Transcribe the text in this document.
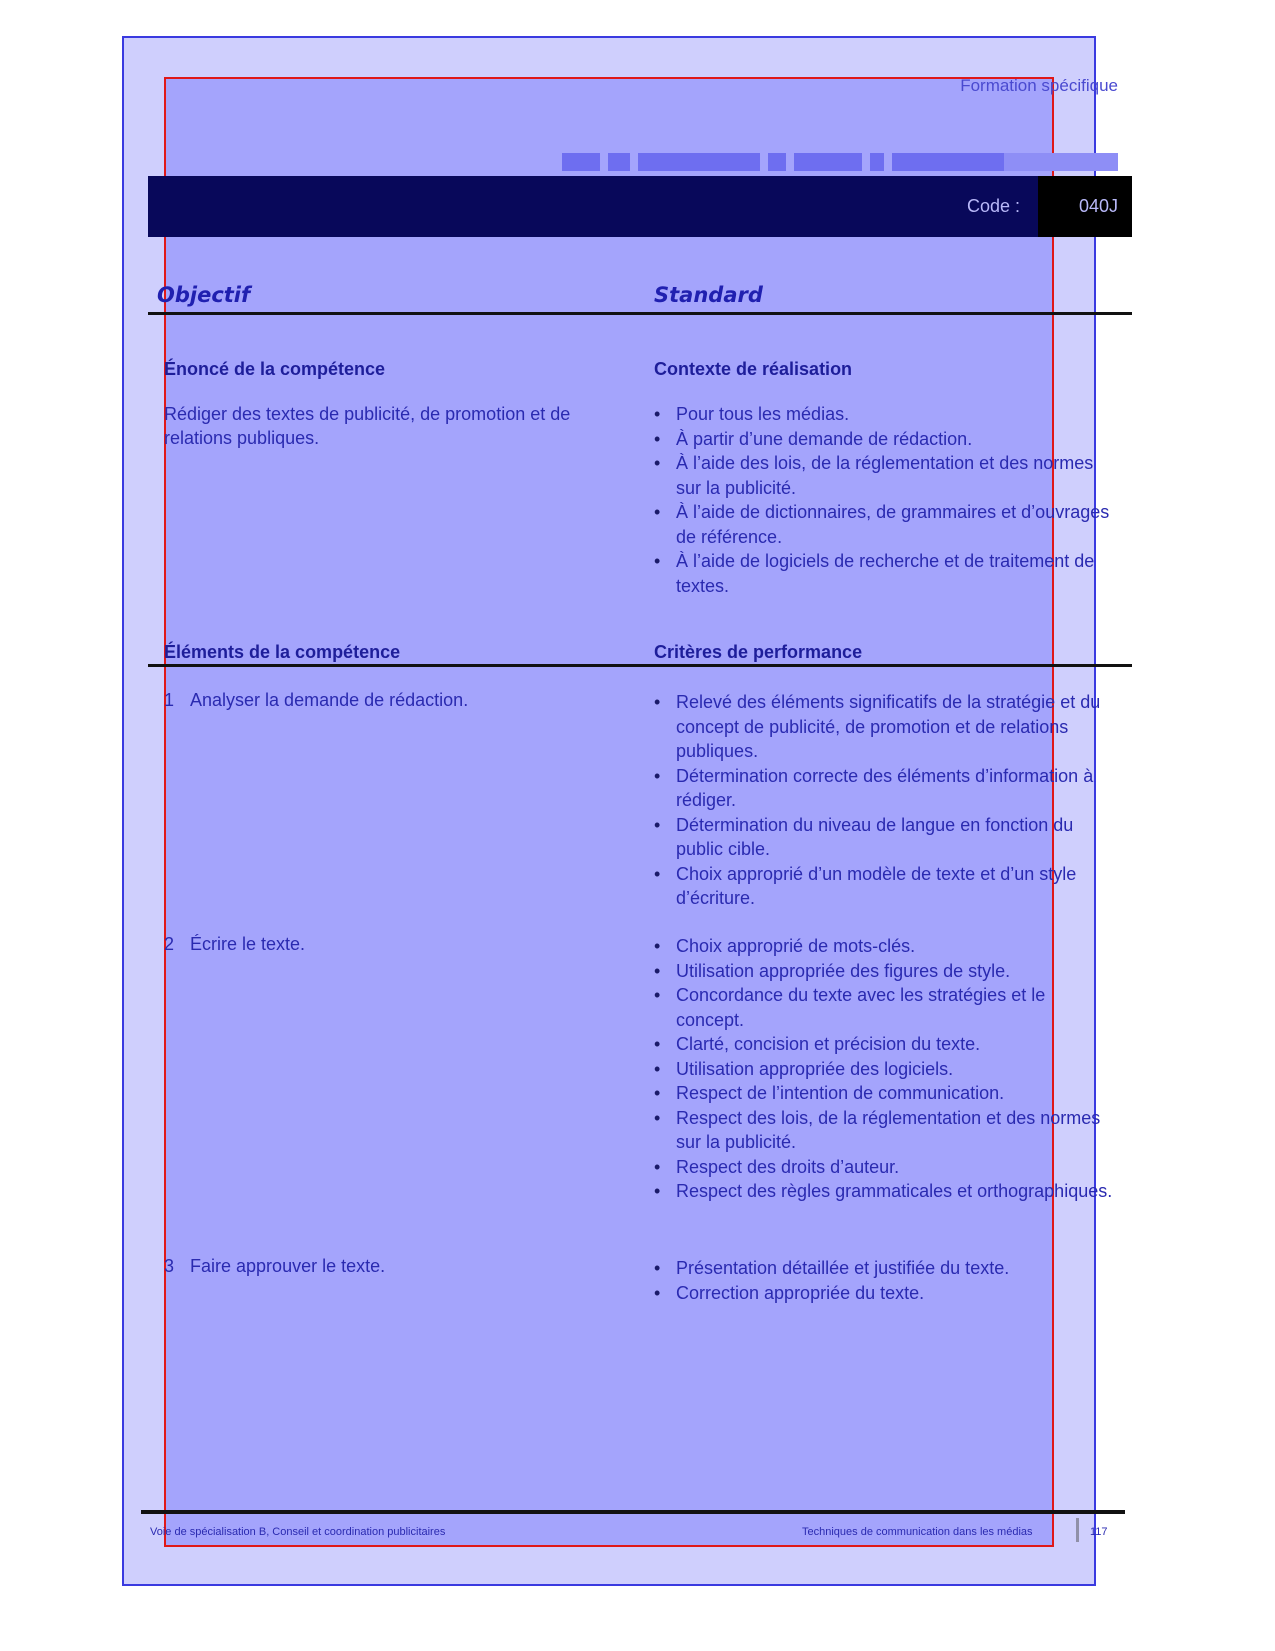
Formation spécifique
Code :	040J
Objectif	Standard
Énoncé de la compétence	Contexte de réalisation
Rédiger des textes de publicité, de promotion et de relations publiques.
• Pour tous les médias.
• À partir d’une demande de rédaction.
• À l’aide des lois, de la réglementation et des normes sur la publicité.
• À l’aide de dictionnaires, de grammaires et d’ouvrages de référence.
• À l’aide de logiciels de recherche et de traitement de textes.
Éléments de la compétence	Critères de performance
1 Analyser la demande de rédaction.	• Relevé des éléments significatifs de la stratégie et du concept de publicité, de promotion et de relations publiques.
• Détermination correcte des éléments d’information à rédiger.
• Détermination du niveau de langue en fonction du public cible.
• Choix approprié d’un modèle de texte et d’un style d’écriture.
2 Écrire le texte.	• Choix approprié de mots-clés.
• Utilisation appropriée des figures de style.
• Concordance du texte avec les stratégies et le concept.
• Clarté, concision et précision du texte.
• Utilisation appropriée des logiciels.
• Respect de l’intention de communication.
• Respect des lois, de la réglementation et des normes sur la publicité.
• Respect des droits d’auteur.
• Respect des règles grammaticales et orthographiques.
3 Faire approuver le texte.	• Présentation détaillée et justifiée du texte.
• Correction appropriée du texte.
Voie de spécialisation B, Conseil et coordination publicitaires	Techniques de communication dans les médias	117
